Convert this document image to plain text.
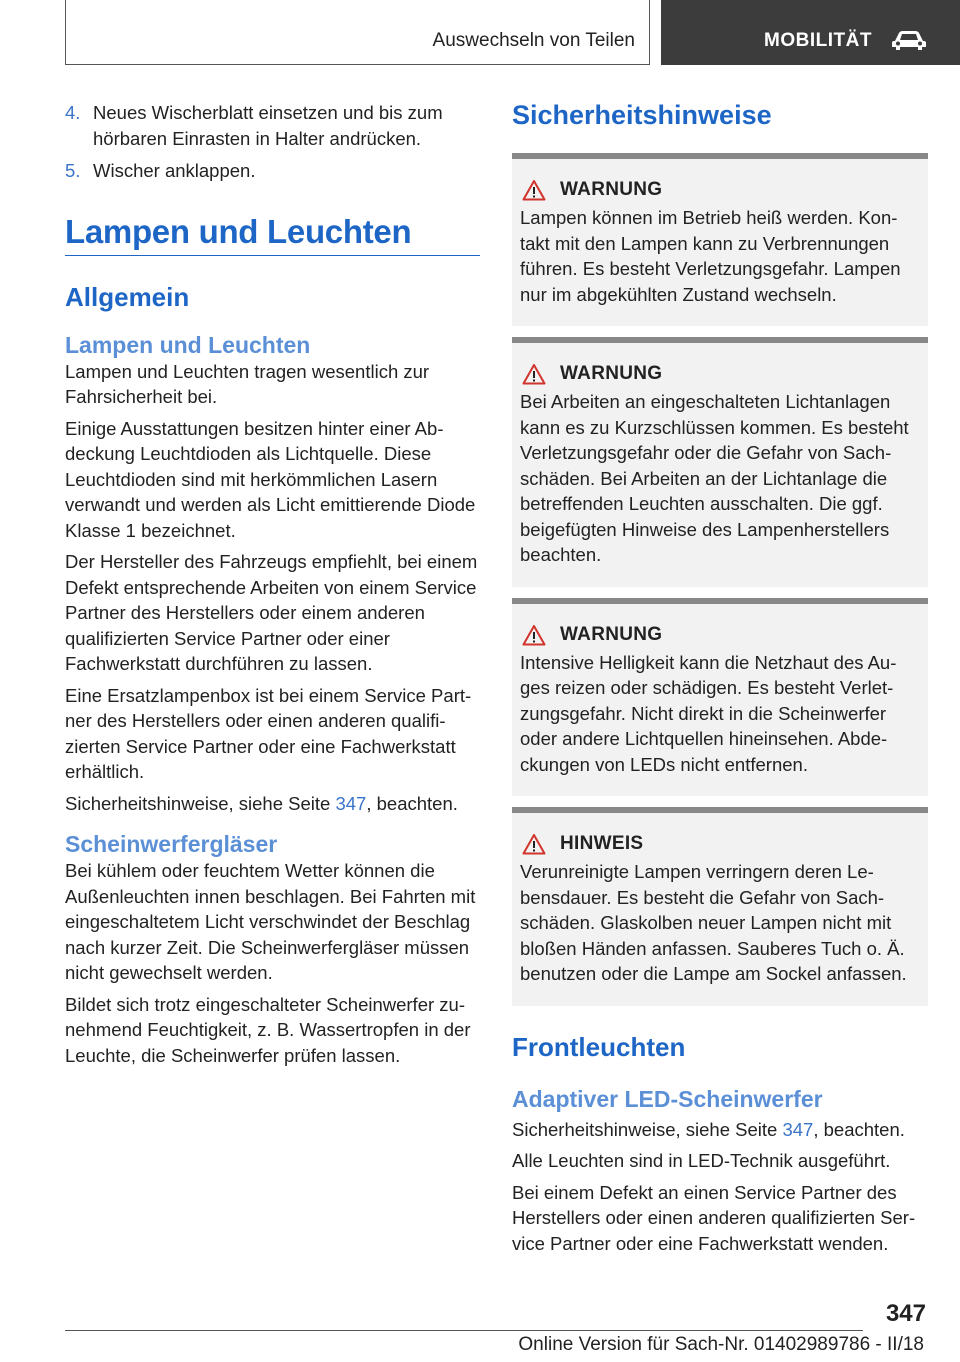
Auswechseln von Teilen	MOBILITÄT
4. Neues Wischerblatt einsetzen und bis zum hörbaren Einrasten in Halter andrücken.
5. Wischer anklappen.
Lampen und Leuchten
Allgemein
Lampen und Leuchten

Lampen und Leuchten tragen wesentlich zur Fahrsicherheit bei.

Einige Ausstattungen besitzen hinter einer Abdeckung Leuchtdioden als Lichtquelle. Diese Leuchtdioden sind mit herkömmlichen Lasern verwandt und werden als Licht emittierende Diode Klasse 1 bezeichnet.

Der Hersteller des Fahrzeugs empfiehlt, bei einem Defekt entsprechende Arbeiten von einem Service Partner des Herstellers oder einem anderen qualifizierten Service Partner oder einer Fachwerkstatt durchführen zu lassen.

Eine Ersatzlampenbox ist bei einem Service Partner des Herstellers oder einen anderen qualifizierten Service Partner oder eine Fachwerkstatt erhältlich.

Sicherheitshinweise, siehe Seite 347, beachten.

Scheinwerfergläser

Bei kühlem oder feuchtem Wetter können die Außenleuchten innen beschlagen. Bei Fahrten mit eingeschaltetem Licht verschwindet der Beschlag nach kurzer Zeit. Die Scheinwerfergläser müssen nicht gewechselt werden.

Bildet sich trotz eingeschalteter Scheinwerfer zunehmend Feuchtigkeit, z. B. Wassertropfen in der Leuchte, die Scheinwerfer prüfen lassen.

Sicherheitshinweise
WARNUNG
Lampen können im Betrieb heiß werden. Kontakt mit den Lampen kann zu Verbrennungen führen. Es besteht Verletzungsgefahr. Lampen nur im abgekühlten Zustand wechseln.
WARNUNG
Bei Arbeiten an eingeschalteten Lichtanlagen kann es zu Kurzschlüssen kommen. Es besteht Verletzungsgefahr oder die Gefahr von Sachschäden. Bei Arbeiten an der Lichtanlage die betreffenden Leuchten ausschalten. Die ggf. beigefügten Hinweise des Lampenherstellers beachten.
WARNUNG
Intensive Helligkeit kann die Netzhaut des Auges reizen oder schädigen. Es besteht Verletzungsgefahr. Nicht direkt in die Scheinwerfer oder andere Lichtquellen hineinsehen. Abdeckungen von LEDs nicht entfernen.
HINWEIS
Verunreinigte Lampen verringern deren Lebensdauer. Es besteht die Gefahr von Sachschäden. Glaskolben neuer Lampen nicht mit bloßen Händen anfassen. Sauberes Tuch o. Ä. benutzen oder die Lampe am Sockel anfassen.
Frontleuchten
Adaptiver LED-Scheinwerfer

Sicherheitshinweise, siehe Seite 347, beachten.

Alle Leuchten sind in LED-Technik ausgeführt.

Bei einem Defekt an einen Service Partner des Herstellers oder einen anderen qualifizierten Service Partner oder eine Fachwerkstatt wenden.

347
Online Version für Sach-Nr. 01402989786 - II/18
